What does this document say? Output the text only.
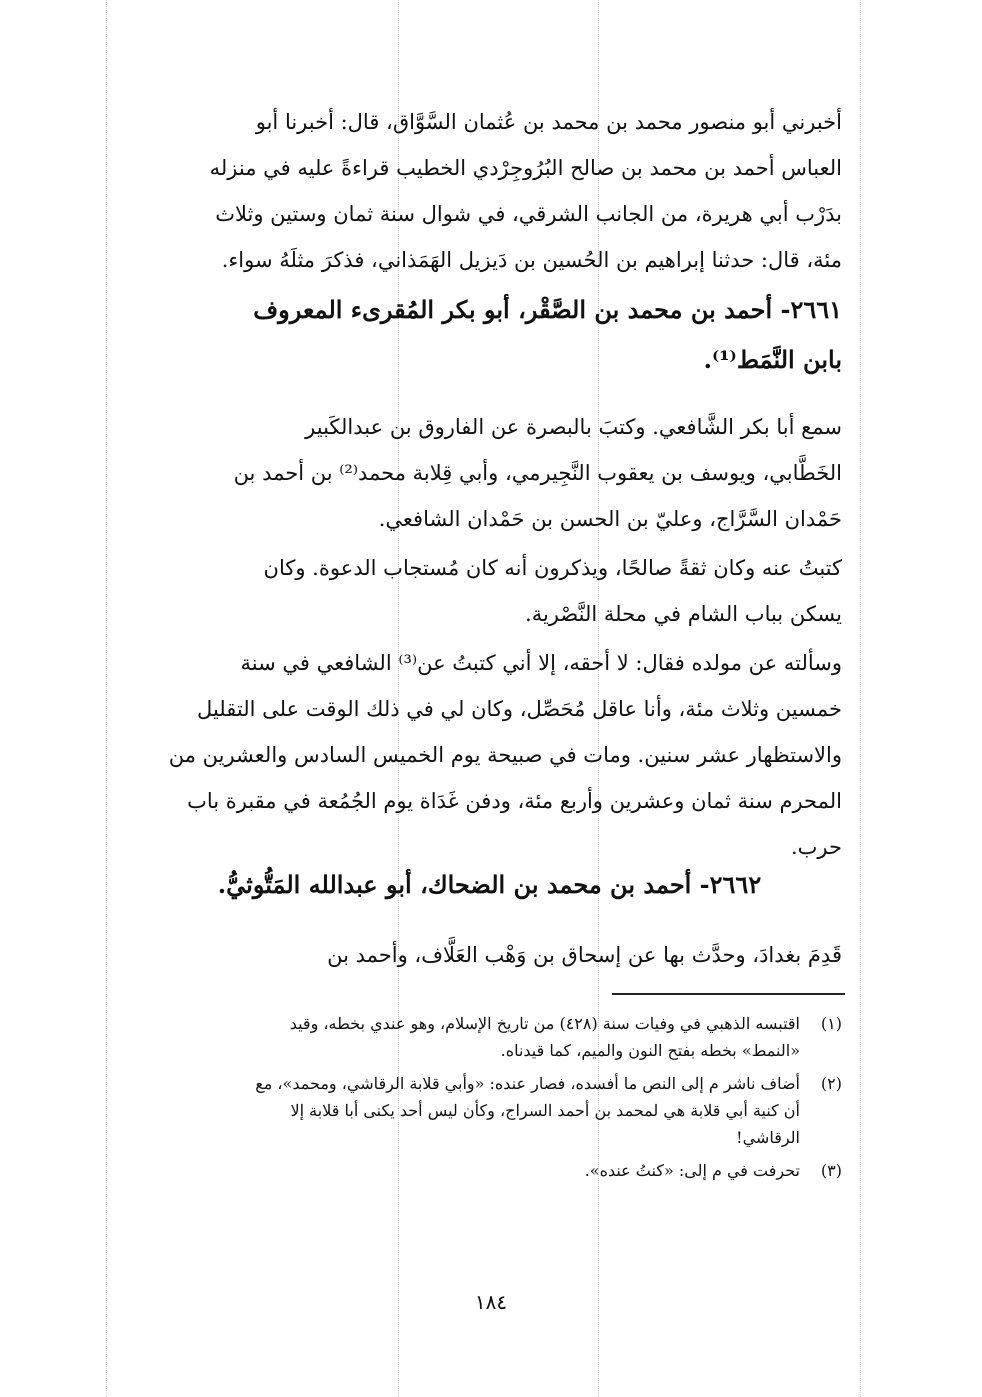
أخبرني أبو منصور محمد بن محمد بن عُثمان السَّوَّاق، قال: أخبرنا أبو
العباس أحمد بن محمد بن صالح البُرُوجِرْدي الخطيب قراءةً عليه في منزله
بدَرْب أبي هريرة، من الجانب الشرقي، في شوال سنة ثمان وستين وثلاث
مئة، قال: حدثنا إبراهيم بن الحُسين بن دَيزيل الهَمَذاني، فذكرَ مثلَهُ سواء.
٢٦٦١- أحمد بن محمد بن الصَّقْر، أبو بكر المُقرىء المعروف
بابن النَّمَط⁽¹⁾.
سمع أبا بكر الشَّافعي. وكتبَ بالبصرة عن الفاروق بن عبدالكَبير
الخَطَّابي، ويوسف بن يعقوب النَّجِيرمي، وأبي قِلابة محمد⁽²⁾ بن أحمد بن
حَمْدان السَّرَّاج، وعليّ بن الحسن بن حَمْدان الشافعي.
كتبتُ عنه وكان ثقةً صالحًا، ويذكرون أنه كان مُستجاب الدعوة. وكان
يسكن بباب الشام في محلة النَّصْرية.
وسألته عن مولده فقال: لا أحقه، إلا أني كتبتُ عن⁽³⁾ الشافعي في سنة
خمسين وثلاث مئة، وأنا عاقل مُحَصِّل، وكان لي في ذلك الوقت على التقليل
والاستظهار عشر سنين. ومات في صبيحة يوم الخميس السادس والعشرين من
المحرم سنة ثمان وعشرين وأربع مئة، ودفن غَدَاة يوم الجُمُعة في مقبرة باب
حرب.
٢٦٦٢- أحمد بن محمد بن الضحاك، أبو عبدالله المَتُّوثيُّ.
قَدِمَ بغدادَ، وحدَّث بها عن إسحاق بن وَهْب العَلَّاف، وأحمد بن
(١)
اقتبسه الذهبي في وفيات سنة (٤٢٨) من تاريخ الإسلام، وهو عندي بخطه، وقيد
«النمط» بخطه بفتح النون والميم، كما قيدناه.
(٢)
أضاف ناشر م إلى النص ما أفسده، فصار عنده: «وأبي قلابة الرقاشي، ومحمد»، مع
أن كنية أبي قلابة هي لمحمد بن أحمد السراج، وكأن ليس أحد يكنى أبا قلابة إلا
الرقاشي!
(٣)
تحرفت في م إلى: «كنتُ عنده».
١٨٤
